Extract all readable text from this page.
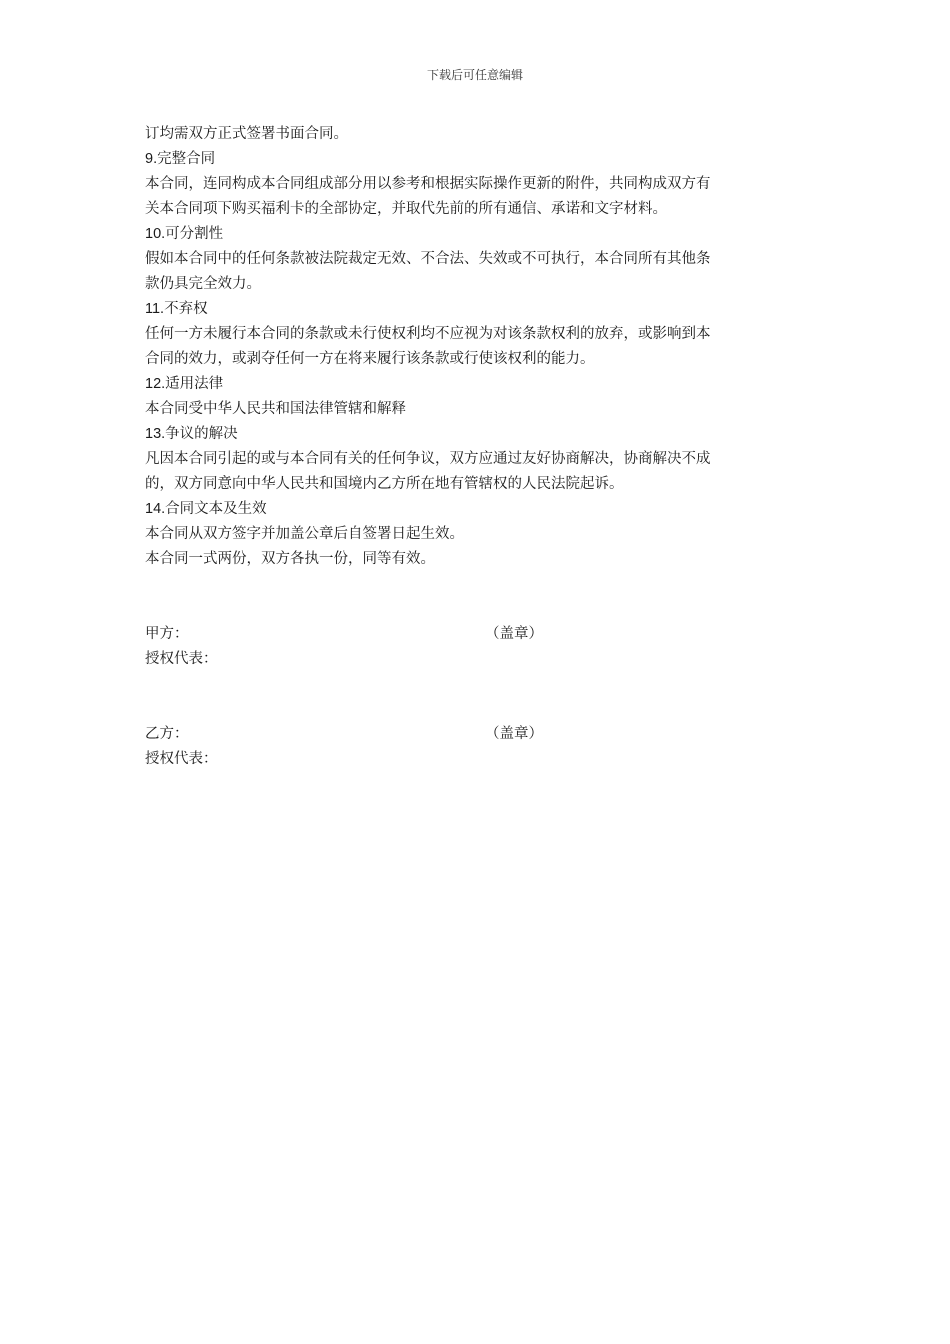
下载后可任意编辑
订均需双方正式签署书面合同。
9.完整合同
本合同，连同构成本合同组成部分用以参考和根据实际操作更新的附件，共同构成双方有
关本合同项下购买福利卡的全部协定，并取代先前的所有通信、承诺和文字材料。
10.可分割性
假如本合同中的任何条款被法院裁定无效、不合法、失效或不可执行，本合同所有其他条
款仍具完全效力。
11.不弃权
任何一方未履行本合同的条款或未行使权利均不应视为对该条款权利的放弃，或影响到本
合同的效力，或剥夺任何一方在将来履行该条款或行使该权利的能力。
12.适用法律
本合同受中华人民共和国法律管辖和解释
13.争议的解决
凡因本合同引起的或与本合同有关的任何争议，双方应通过友好协商解决，协商解决不成
的，双方同意向中华人民共和国境内乙方所在地有管辖权的人民法院起诉。
14.合同文本及生效
本合同从双方签字并加盖公章后自签署日起生效。
本合同一式两份，双方各执一份，同等有效。
甲方：	（盖章）
授权代表：
乙方：	（盖章）
授权代表：
